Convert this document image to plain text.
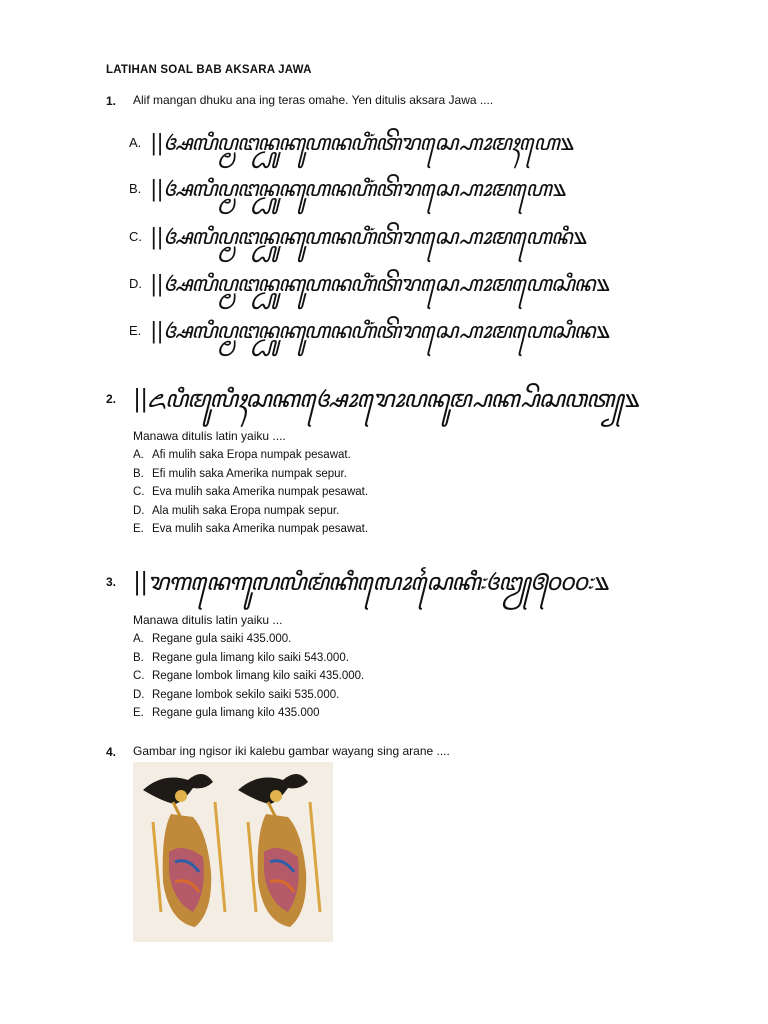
LATIHAN SOAL BAB AKSARA JAWA
1. Alif mangan dhuku ana ing teras omahe. Yen ditulis aksara Jawa ....
A. ||ꦄꦭꦶꦥ꧀ꦩꦔꦤ꧀ꦝꦸꦏꦸꦲꦤꦲꦶꦁꦠꦼꦫꦱ꧀ꦲꦺꦴꦩꦃꦲꦺ꧉
B. ||ꦄꦭꦶꦥ꧀ꦩꦔꦤ꧀ꦝꦸꦏꦸꦲꦤꦲꦶꦁꦠꦼꦫꦱ꧀ꦲꦺꦴꦩꦲꦺ꧉
C. ||ꦄꦭꦶꦥ꧀ꦩꦔꦤ꧀ꦝꦸꦏꦸꦲꦤꦲꦶꦁꦠꦼꦫꦱ꧀ꦲꦺꦴꦩꦲꦺꦤꦶ꧉
D. ||ꦄꦭꦶꦥ꧀ꦩꦔꦤ꧀ꦝꦸꦏꦸꦲꦤꦲꦶꦁꦠꦼꦫꦱ꧀ꦲꦺꦴꦩꦲꦺꦱꦶꦤ꧉
E. ||ꦄꦭꦶꦥ꧀ꦩꦔꦤ꧀ꦝꦸꦏꦸꦲꦤꦲꦶꦁꦠꦼꦫꦱ꧀ꦲꦺꦴꦩꦲꦺꦱꦶꦤ꧉
2. ||ꦌꦥꦶꦩꦸꦭꦶꦃꦱꦏꦄꦺꦴꦫꦺꦴꦥꦤꦸꦩ꧀ꦥꦏ꧀ꦥꦼꦱꦮꦠ꧀꧉
Manawa ditulis latin yaiku ....
A. Afi mulih saka Eropa numpak pesawat.
B. Efi mulih saka Amerika numpak sepur.
C. Eva mulih saka Amerika numpak pesawat.
D. Ala mulih saka Eropa numpak sepur.
E. Eva mulih saka Amerika numpak pesawat.
3. ||ꦫꦒꦤꦺꦒꦸꦭꦭꦶꦩꦁꦏꦶꦭꦺꦴꦱꦻꦏꦶ꧇꧔꧓꧕꧐꧐꧐꧇꧉
Manawa ditulis latin yaiku ...
A. Regane gula saiki 435.000.
B. Regane gula limang kilo saiki 543.000.
C. Regane lombok limang kilo saiki 435.000.
D. Regane lombok sekilo saiki 535.000.
E. Regane gula limang kilo 435.000
4. Gambar ing ngisor iki kalebu gambar wayang sing arane ....
